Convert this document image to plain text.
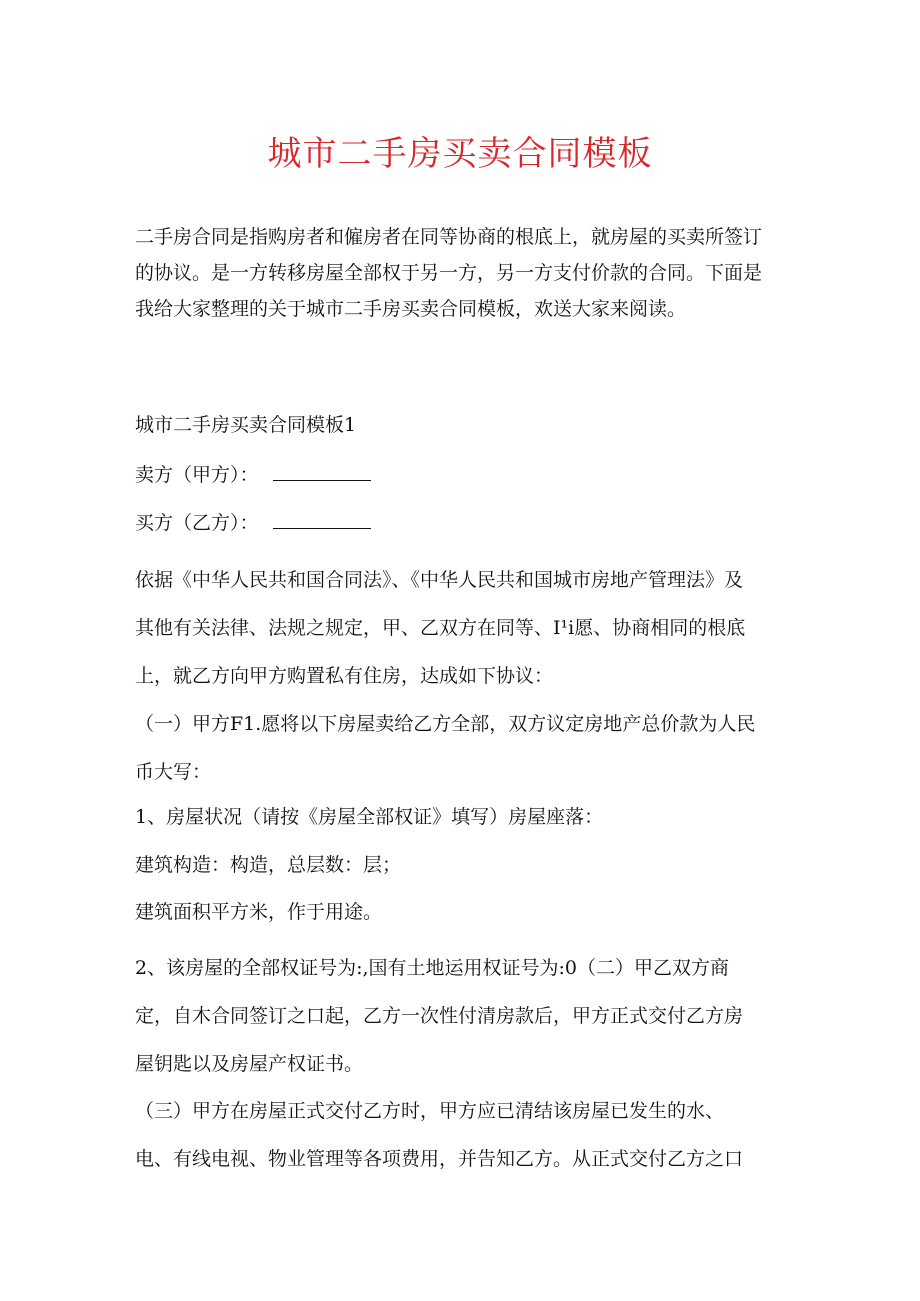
城市二手房买卖合同模板
二手房合同是指购房者和僱房者在同等协商的根底上，就房屋的买卖所签订
的协议。是一方转移房屋全部权于另一方，另一方支付价款的合同。下面是
我给大家整理的关于城市二手房买卖合同模板，欢送大家来阅读。
城市二手房买卖合同模板1
卖方（甲方）：
买方（乙方）：
依据《中华人民共和国合同法》、《中华人民共和国城市房地产管理法》及
其他有关法律、法规之规定，甲、乙双方在同等、I¹i愿、协商相同的根底
上，就乙方向甲方购置私有住房，达成如下协议：
（一）甲方F1.愿将以下房屋卖给乙方全部，双方议定房地产总价款为人民
币大写：
1、房屋状况（请按《房屋全部权证》填写）房屋座落：
建筑构造：构造，总层数：层；
建筑面积平方米，作于用途。
2、该房屋的全部权证号为:,国有土地运用权证号为:0（二）甲乙双方商
定，自木合同签订之口起，乙方一次性付清房款后，甲方正式交付乙方房
屋钥匙以及房屋产权证书。
（三）甲方在房屋正式交付乙方时，甲方应已清结该房屋已发生的水、
电、有线电视、物业管理等各项费用，并告知乙方。从正式交付乙方之口
